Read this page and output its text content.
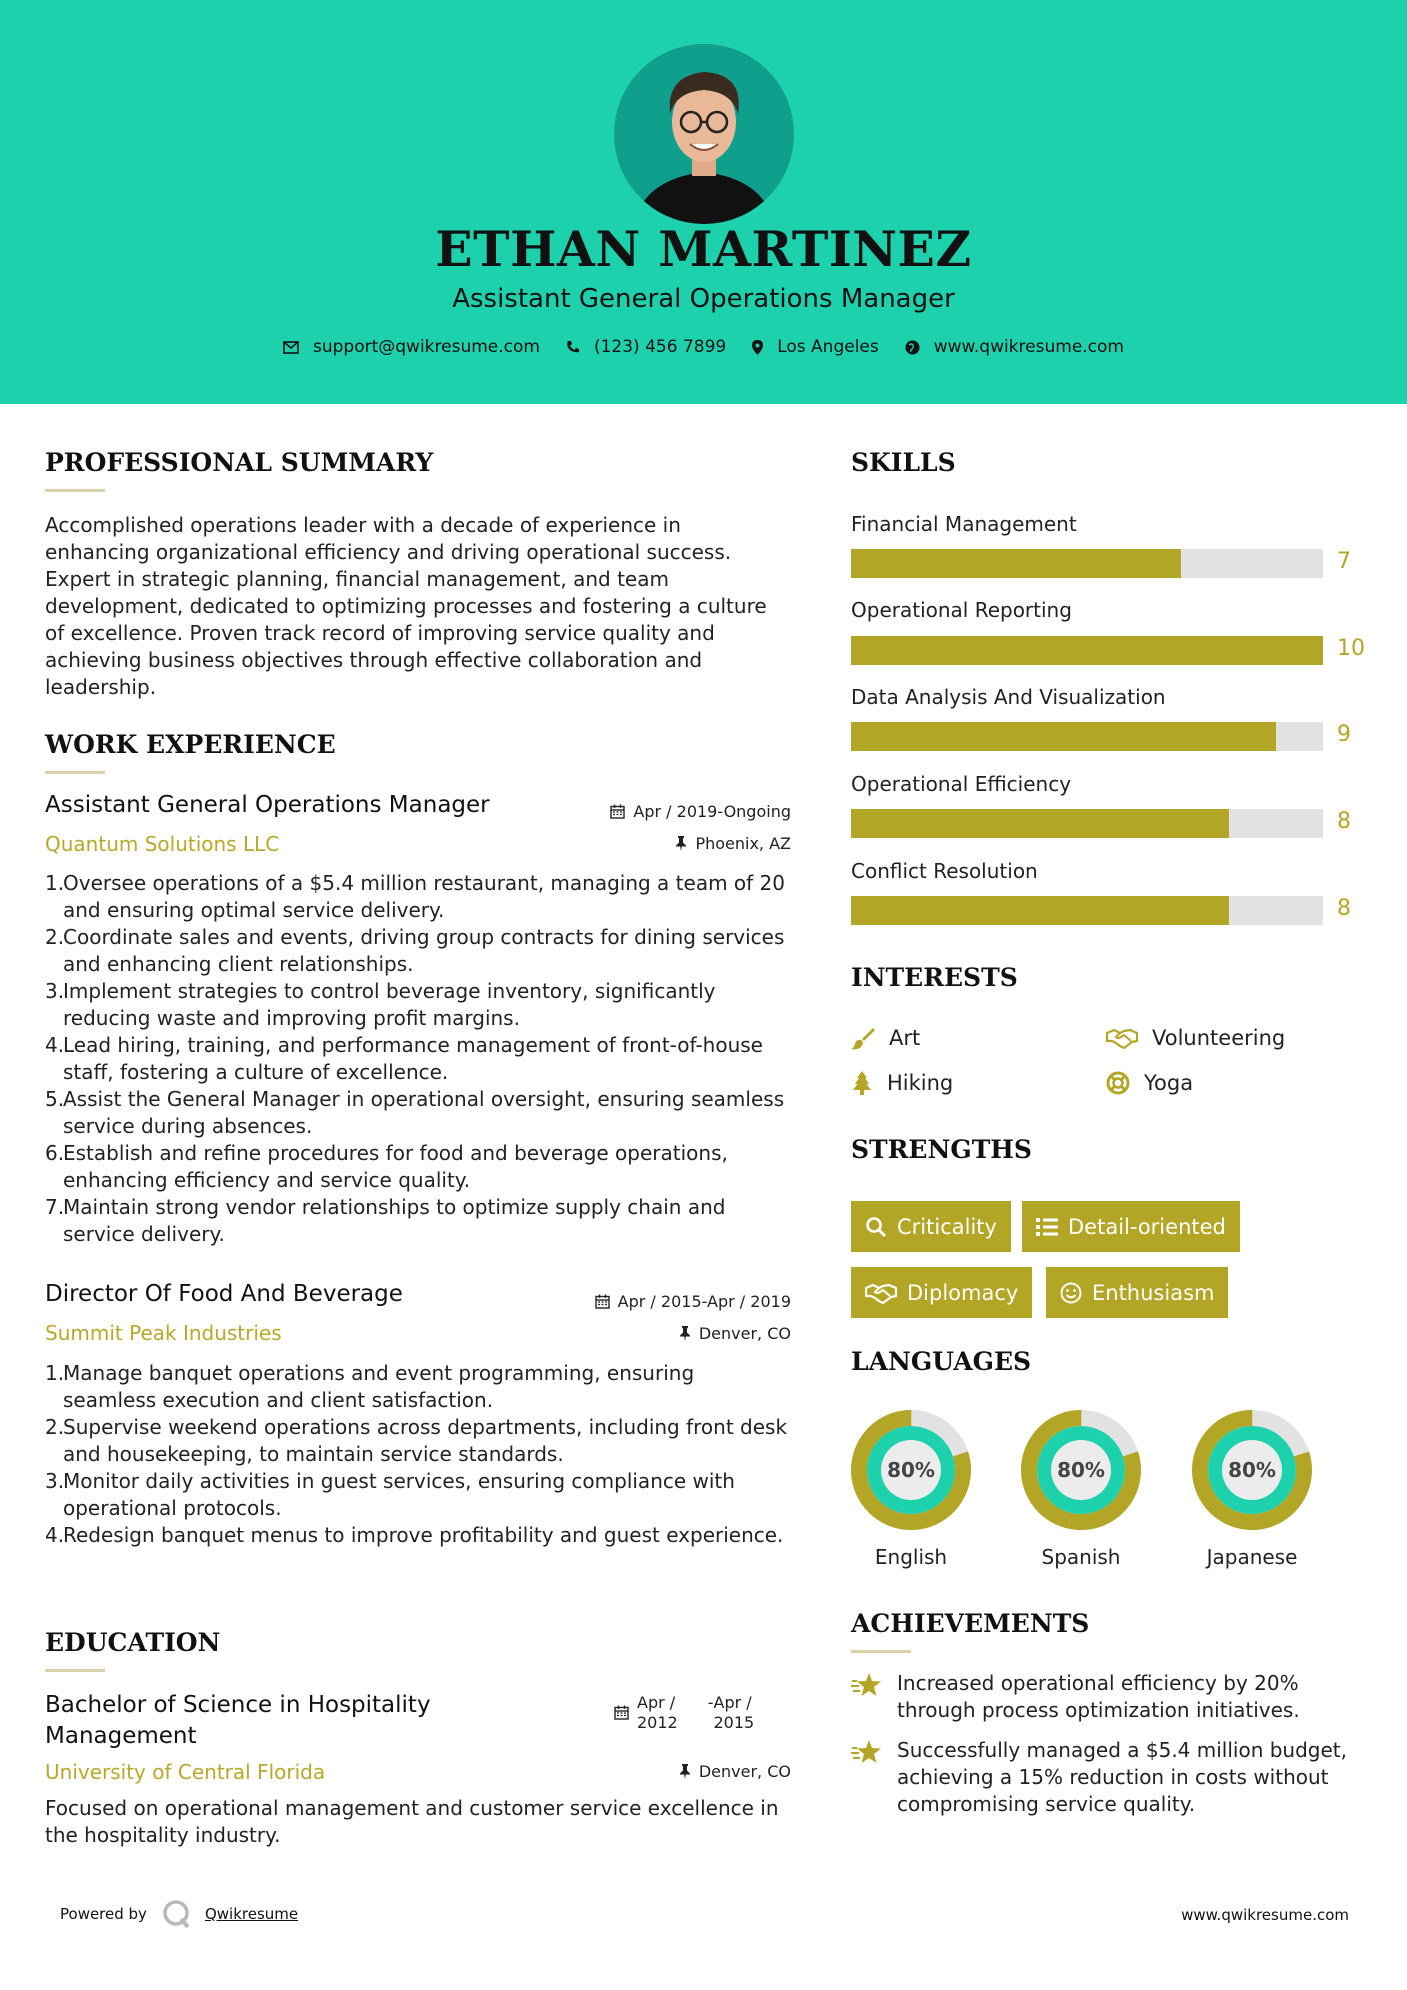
ETHAN MARTINEZ
Assistant General Operations Manager
support@qwikresume.com	(123) 456 7899	Los Angeles	www.qwikresume.com
PROFESSIONAL SUMMARY
Accomplished operations leader with a decade of experience in enhancing organizational efficiency and driving operational success. Expert in strategic planning, financial management, and team development, dedicated to optimizing processes and fostering a culture of excellence. Proven track record of improving service quality and achieving business objectives through effective collaboration and leadership.
WORK EXPERIENCE
Assistant General Operations Manager	Apr / 2019-Ongoing
Quantum Solutions LLC	Phoenix, AZ
1.
Oversee operations of a $5.4 million restaurant, managing a team of 20 and ensuring optimal service delivery.
2.
Coordinate sales and events, driving group contracts for dining services and enhancing client relationships.
3.
Implement strategies to control beverage inventory, significantly reducing waste and improving profit margins.
4.
Lead hiring, training, and performance management of front-of-house staff, fostering a culture of excellence.
5.
Assist the General Manager in operational oversight, ensuring seamless service during absences.
6.
Establish and refine procedures for food and beverage operations, enhancing efficiency and service quality.
7.
Maintain strong vendor relationships to optimize supply chain and service delivery.
Director Of Food And Beverage	Apr / 2015-Apr / 2019
Summit Peak Industries	Denver, CO
1.
Manage banquet operations and event programming, ensuring seamless execution and client satisfaction.
2.
Supervise weekend operations across departments, including front desk and housekeeping, to maintain service standards.
3.
Monitor daily activities in guest services, ensuring compliance with operational protocols.
4.
Redesign banquet menus to improve profitability and guest experience.
EDUCATION
Bachelor of Science in Hospitality
Management
Apr /
2012
- Apr /
2015
University of Central Florida	Denver, CO
Focused on operational management and customer service excellence in the hospitality industry.
SKILLS
Financial Management
7
Operational Reporting
10
Data Analysis And Visualization
9
Operational Efficiency
8
Conflict Resolution
8
INTERESTS
Art	Volunteering
Hiking	Yoga
STRENGTHS
Criticality	Detail-oriented
Diplomacy	Enthusiasm
LANGUAGES
80%	80%	80%
English	Spanish	Japanese
ACHIEVEMENTS
Increased operational efficiency by 20% through process optimization initiatives.
Successfully managed a $5.4 million budget, achieving a 15% reduction in costs without compromising service quality.
Powered by	Qwikresume	www.qwikresume.com
